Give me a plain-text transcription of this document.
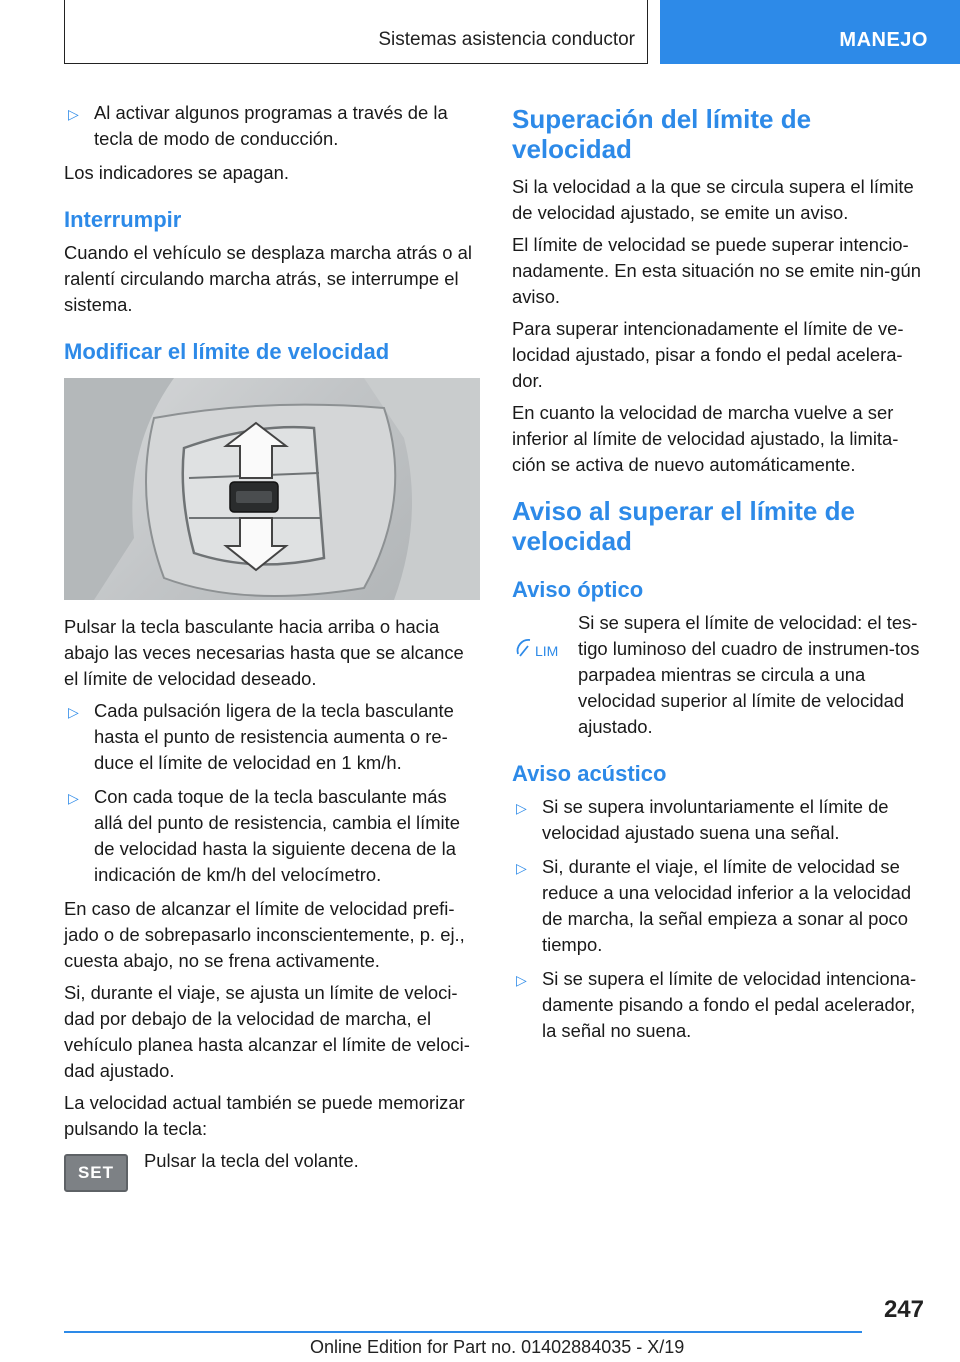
Sistemas asistencia conductor	MANEJO
▷ Al activar algunos programas a través de la tecla de modo de conducción.

Los indicadores se apagan.

Interrumpir

Cuando el vehículo se desplaza marcha atrás o al ralentí circulando marcha atrás, se interrumpe el sistema.

Modificar el límite de velocidad

Pulsar la tecla basculante hacia arriba o hacia abajo las veces necesarias hasta que se alcance el límite de velocidad deseado.

▷ Cada pulsación ligera de la tecla basculante hasta el punto de resistencia aumenta o re-duce el límite de velocidad en 1 km/h.
▷ Con cada toque de la tecla basculante más allá del punto de resistencia, cambia el límite de velocidad hasta la siguiente decena de la indicación de km/h del velocímetro.

En caso de alcanzar el límite de velocidad prefi-jado o de sobrepasarlo inconscientemente, p. ej., cuesta abajo, no se frena activamente.

Si, durante el viaje, se ajusta un límite de veloci-dad por debajo de la velocidad de marcha, el vehículo planea hasta alcanzar el límite de veloci-dad ajustado.

La velocidad actual también se puede memorizar pulsando la tecla:

SET

Pulsar la tecla del volante.

Superación del límite de velocidad

Si la velocidad a la que se circula supera el límite de velocidad ajustado, se emite un aviso.

El límite de velocidad se puede superar intencio-nadamente. En esta situación no se emite nin-gún aviso.

Para superar intencionadamente el límite de ve-locidad ajustado, pisar a fondo el pedal acelera-dor.

En cuanto la velocidad de marcha vuelve a ser inferior al límite de velocidad ajustado, la limita-ción se activa de nuevo automáticamente.

Aviso al superar el límite de velocidad
Aviso óptico
LIM

Si se supera el límite de velocidad: el tes-tigo luminoso del cuadro de instrumen-tos parpadea mientras se circula a una velocidad superior al límite de velocidad ajustado.

Aviso acústico
▷ Si se supera involuntariamente el límite de velocidad ajustado suena una señal.
▷ Si, durante el viaje, el límite de velocidad se reduce a una velocidad inferior a la velocidad de marcha, la señal empieza a sonar al poco tiempo.
▷ Si se supera el límite de velocidad intenciona-damente pisando a fondo el pedal acelerador, la señal no suena.
247
Online Edition for Part no. 01402884035 - X/19
